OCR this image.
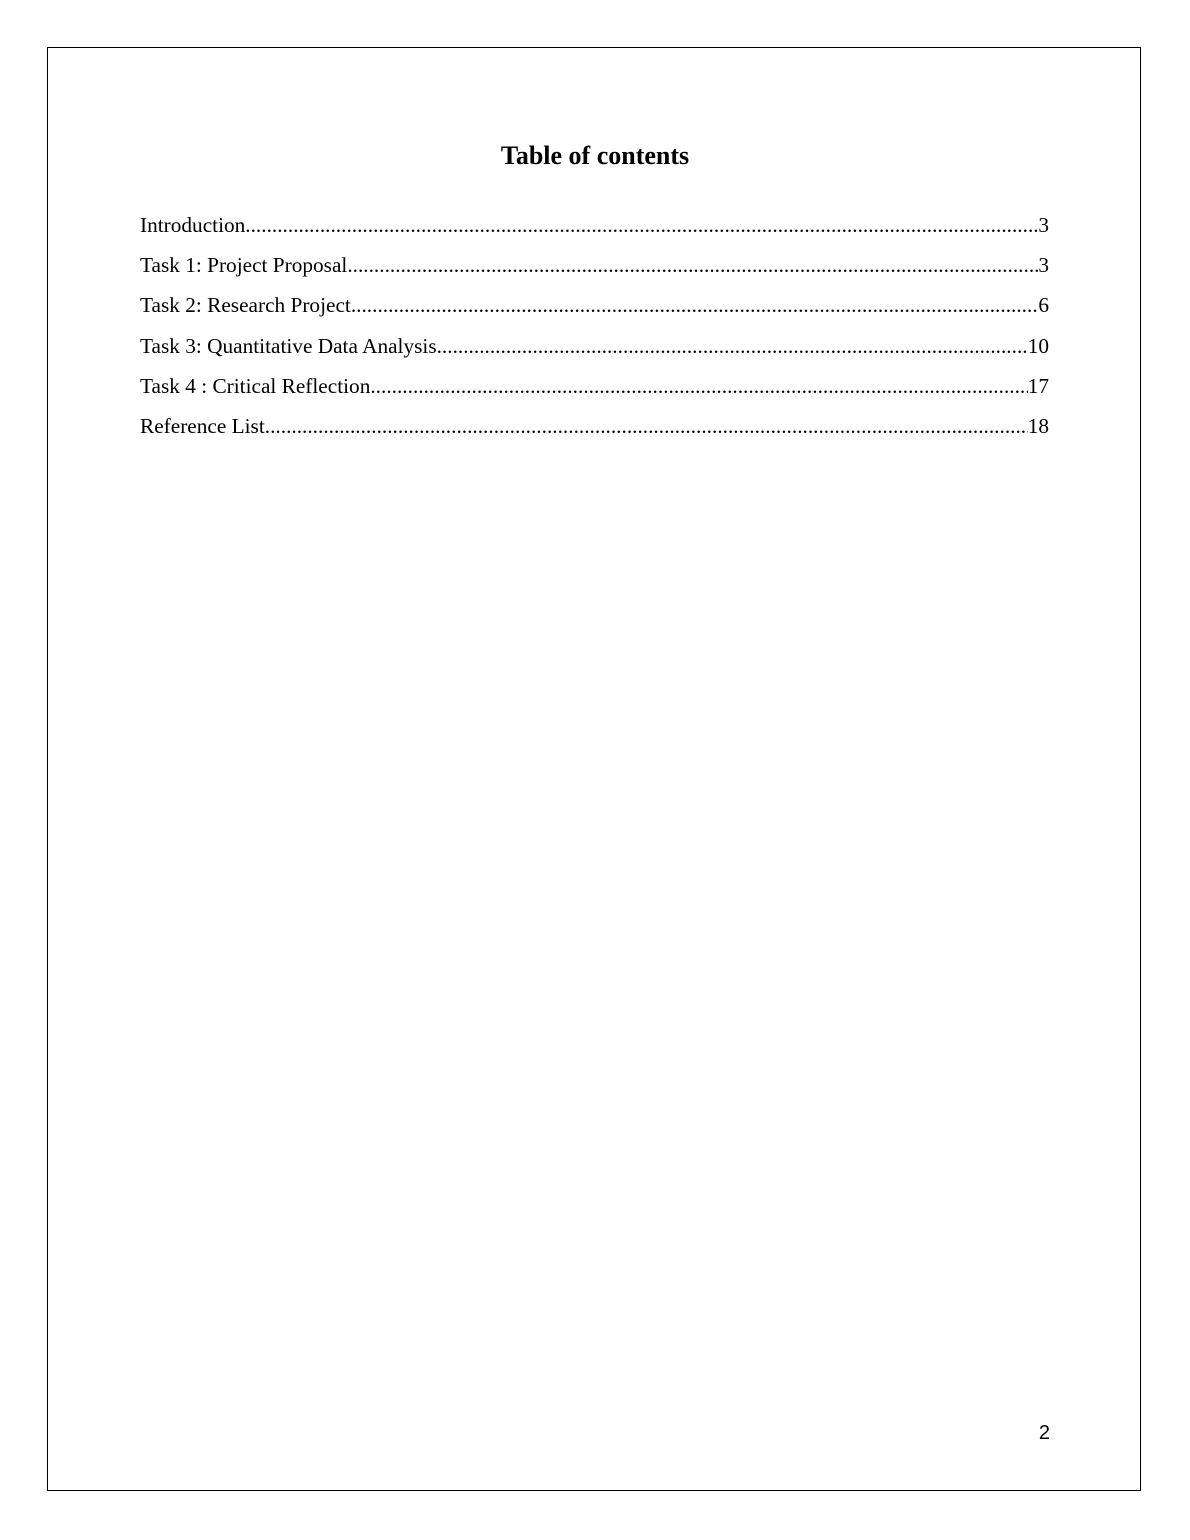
Table of contents
Introduction .....	3
Task 1: Project Proposal .....	3
Task 2: Research Project .....	6
Task 3: Quantitative Data Analysis .....	10
Task 4 : Critical Reflection .....	17
Reference List .....	18
2
